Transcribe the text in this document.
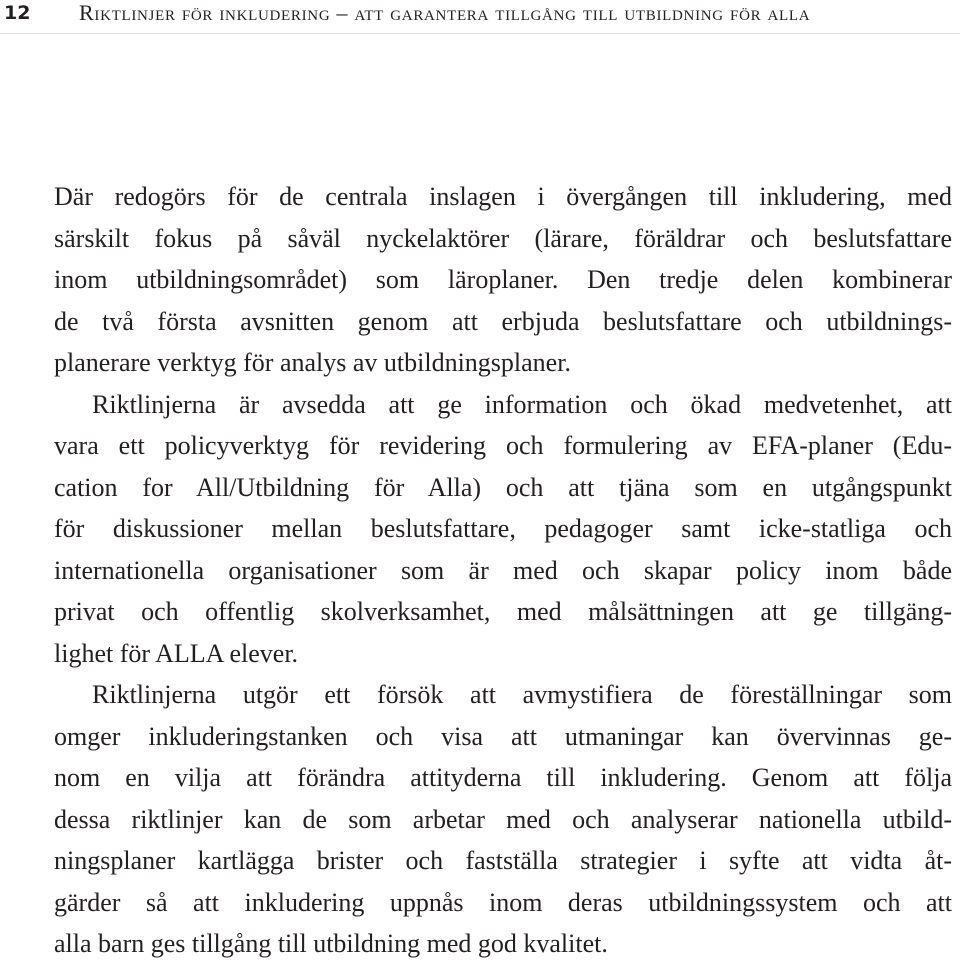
12 Riktlinjer för inkludering – att garantera tillgång till utbildning för alla
Där redogörs för de centrala inslagen i övergången till inkludering, med
särskilt fokus på såväl nyckelaktörer (lärare, föräldrar och beslutsfattare
inom utbildningsområdet) som läroplaner. Den tredje delen kombinerar
de två första avsnitten genom att erbjuda beslutsfattare och utbildnings-
planerare verktyg för analys av utbildningsplaner.
Riktlinjerna är avsedda att ge information och ökad medvetenhet, att
vara ett policyverktyg för revidering och formulering av EFA-planer (Edu-
cation for All/Utbildning för Alla) och att tjäna som en utgångspunkt
för diskussioner mellan beslutsfattare, pedagoger samt icke-statliga och
internationella organisationer som är med och skapar policy inom både
privat och offentlig skolverksamhet, med målsättningen att ge tillgäng-
lighet för ALLA elever.
Riktlinjerna utgör ett försök att avmystifiera de föreställningar som
omger inkluderingstanken och visa att utmaningar kan övervinnas ge-
nom en vilja att förändra attityderna till inkludering. Genom att följa
dessa riktlinjer kan de som arbetar med och analyserar nationella utbild-
ningsplaner kartlägga brister och fastställa strategier i syfte att vidta åt-
gärder så att inkludering uppnås inom deras utbildningssystem och att
alla barn ges tillgång till utbildning med god kvalitet.
